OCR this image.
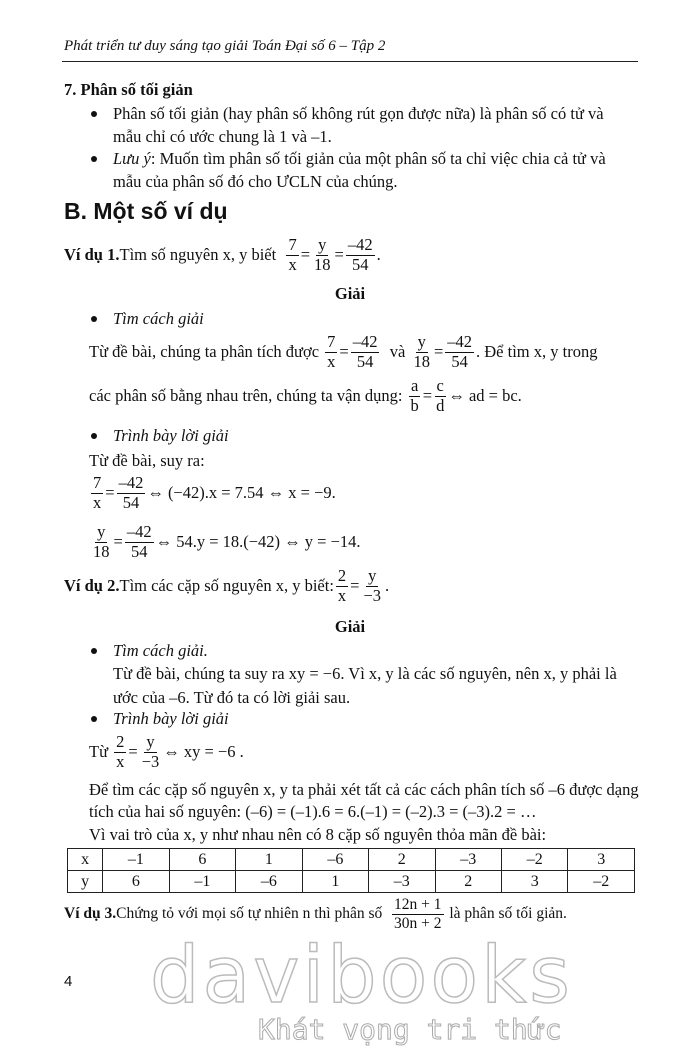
Phát triển tư duy sáng tạo giải Toán Đại số 6 – Tập 2
7. Phân số tối giản
Phân số tối giản (hay phân số không rút gọn được nữa) là phân số có tử và
mẫu chỉ có ước chung là 1 và –1.
Lưu ý: Muốn tìm phân số tối giản của một phân số ta chỉ việc chia cả tử và
mẫu của phân số đó cho ƯCLN của chúng.
B. Một số ví dụ
Ví dụ 1. Tìm số nguyên x, y biết
$\frac{7}{x} = \frac{y}{18} = \frac{-42}{54}$ .
Giải
Tìm cách giải
Từ đề bài, chúng ta phân tích được
$\frac{7}{x} = \frac{-42}{54}$
và
$\frac{y}{18} = \frac{-42}{54}$ . Để tìm x, y trong
các phân số bằng nhau trên, chúng ta vận dụng:
$\frac{a}{b} = \frac{c}{d}$ ⇔ ad = bc.
Trình bày lời giải
Từ đề bài, suy ra:
$\frac{7}{x} = \frac{-42}{54}$ ⇔ (−42).x = 7.54 ⇔ x = −9.
$\frac{y}{18} = \frac{-42}{54}$ ⇔ 54.y = 18.(−42) ⇔ y = −14.
Ví dụ 2. Tìm các cặp số nguyên x, y biết: $\frac{2}{x} = \frac{y}{-3}$ .
Giải
Tìm cách giải.
Từ đề bài, chúng ta suy ra xy = −6. Vì x, y là các số nguyên, nên x, y phải là
ước của –6. Từ đó ta có lời giải sau.
Trình bày lời giải
Từ
$\frac{2}{x} = \frac{y}{-3}$ ⇔ xy = −6 .
Để tìm các cặp số nguyên x, y ta phải xét tất cả các cách phân tích số –6 được dạng
tích của hai số nguyên: (–6) = (–1).6 = 6.(–1) = (–2).3 = (–3).2 = …
Vì vai trò của x, y như nhau nên có 8 cặp số nguyên thỏa mãn đề bài:
x	–1	6	1	–6	2	–3	–2	3
y	6	–1	–6	1	–3	2	3	–2
Ví dụ 3. Chứng tỏ với mọi số tự nhiên n thì phân số
$\frac{12n + 1}{30n + 2}$
là phân số tối giản.
davibooks
Khát vọng tri thức
4
